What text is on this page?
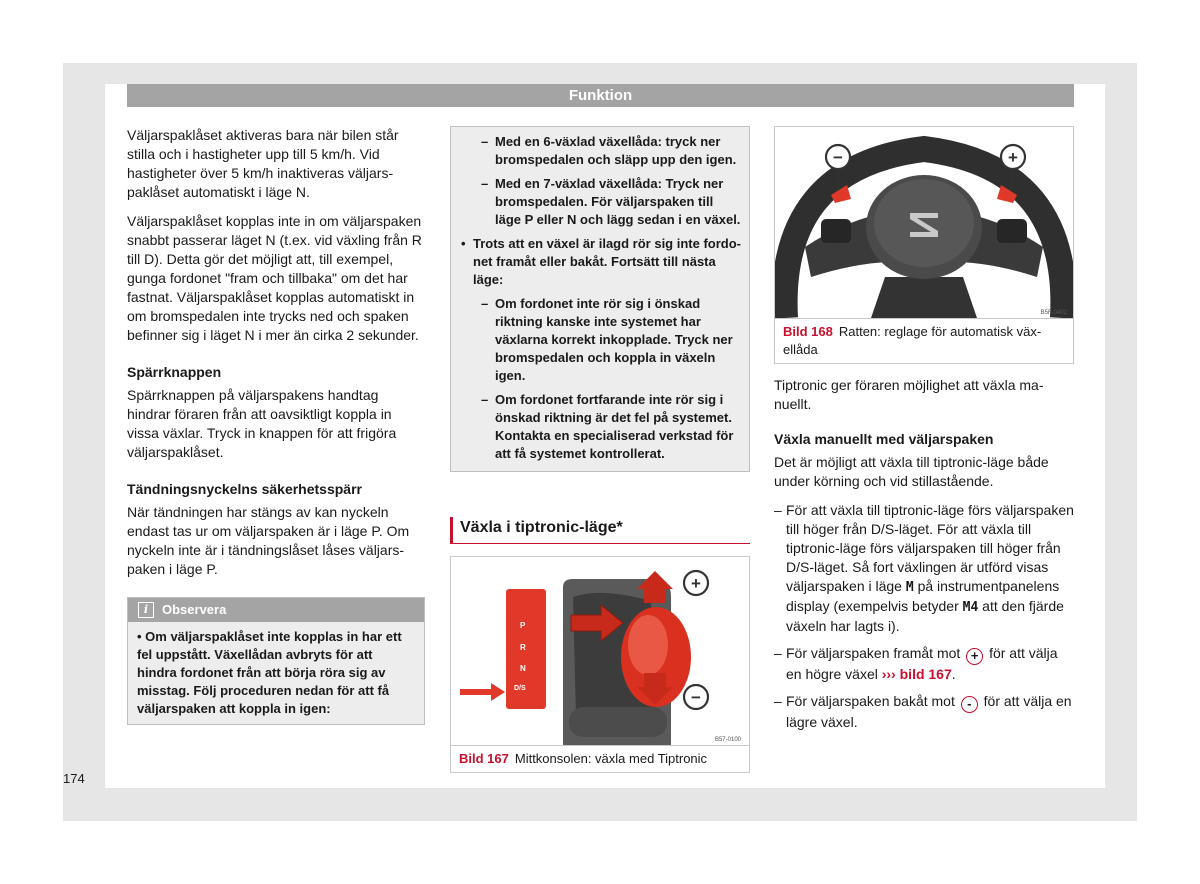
Funktion

Väljarspaklåset aktiveras bara när bilen står stilla och i hastigheter upp till 5 km/h. Vid hastigheter över 5 km/h inaktiveras väljarspaklåset automatiskt i läge N.

Väljarspaklåset kopplas inte in om väljarspaken snabbt passerar läget N (t.ex. vid växling från R till D). Detta gör det möjligt att, till exempel, gunga fordonet "fram och tillbaka" om det har fastnat. Väljarspaklåset kopplas automatiskt in om bromspedalen inte trycks ned och spaken befinner sig i läget N i mer än cirka 2 sekunder.

Spärrknappen

Spärrknappen på väljarspakens handtag hindrar föraren från att oavsiktligt koppla in vissa växlar. Tryck in knappen för att frigöra väljarspaklåset.

Tändningsnyckelns säkerhetsspärr

När tändningen har stängs av kan nyckeln endast tas ur om väljarspaken är i läge P. Om nyckeln inte är i tändningslåset låses väljarspaken i läge P.

i	Observera
• Om väljarspaklåset inte kopplas in har ett fel uppstått. Växellådan avbryts för att hindra fordonet från att börja röra sig av misstag. Följ proceduren nedan för att få väljarspaken att koppla in igen:
– Med en 6-växlad växellåda: tryck ner bromspedalen och släpp upp den igen.
– Med en 7-växlad växellåda: Tryck ner bromspedalen. För väljarspaken till läge P eller N och lägg sedan i en växel.
• Trots att en växel är ilagd rör sig inte fordonet framåt eller bakåt. Fortsätt till nästa läge:
– Om fordonet inte rör sig i önskad riktning kanske inte systemet har växlarna korrekt inkopplade. Tryck ner bromspedalen och koppla in växeln igen.
– Om fordonet fortfarande inte rör sig i önskad riktning är det fel på systemet. Kontakta en specialiserad verkstad för att få systemet kontrollerat.
Växla i tiptronic-läge*
P
R
N
D/S
+
−
B57-0100
Bild 167 Mittkonsolen: växla med Tiptronic
−	+
B5F-0402
Bild 168 Ratten: reglage för automatisk växellåda

Tiptronic ger föraren möjlighet att växla manuellt.

Växla manuellt med väljarspaken

Det är möjligt att växla till tiptronic-läge både under körning och vid stillastående.

– För att växla till tiptronic-läge förs väljarspaken till höger från D/S-läget. För att växla till tiptronic-läge förs väljarspaken till höger från D/S-läget. Så fort växlingen är utförd visas väljarspaken i läge M på instrumentpanelens display (exempelvis betyder M4 att den fjärde växeln har lagts i).
– För väljarspaken framåt mot + för att välja en högre växel ››› bild 167.
– För väljarspaken bakåt mot - för att välja en lägre växel.
174
